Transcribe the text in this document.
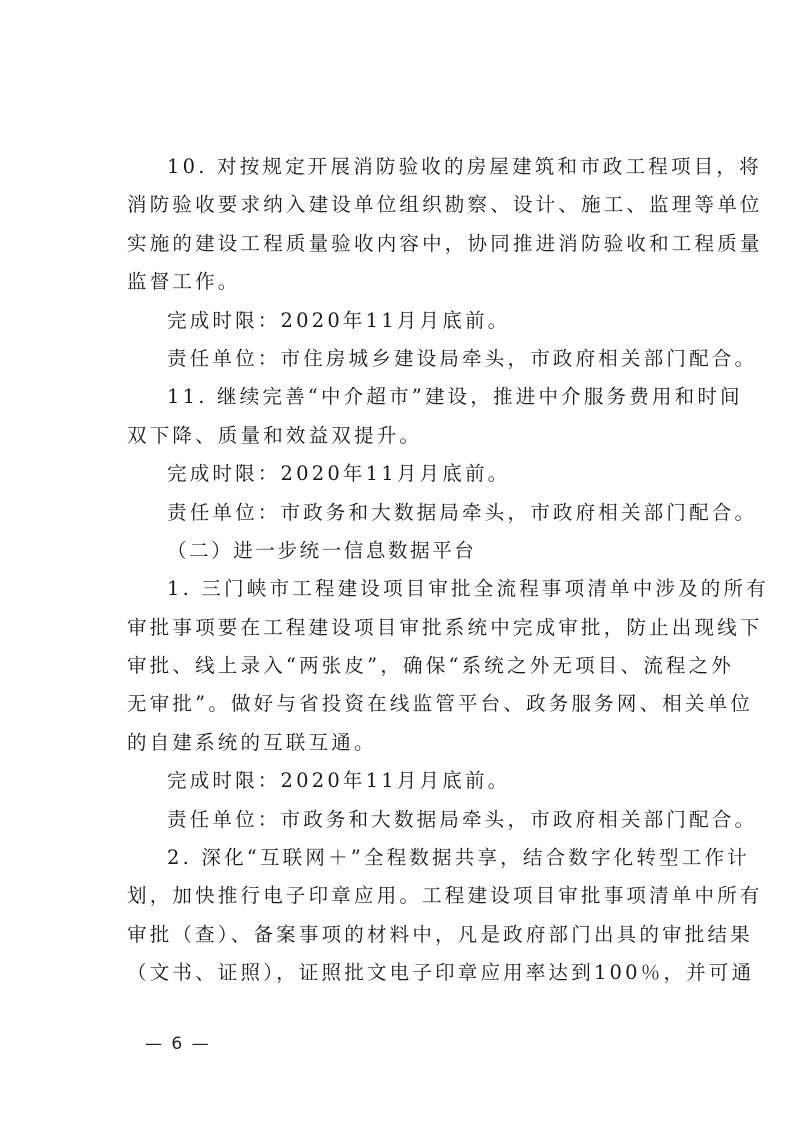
10. 对按规定开展消防验收的房屋建筑和市政工程项目，将
消防验收要求纳入建设单位组织勘察、设计、施工、监理等单位
实施的建设工程质量验收内容中，协同推进消防验收和工程质量
监督工作。
完成时限：2020年11月月底前。
责任单位：市住房城乡建设局牵头，市政府相关部门配合。
11. 继续完善“中介超市”建设，推进中介服务费用和时间
双下降、质量和效益双提升。
完成时限：2020年11月月底前。
责任单位：市政务和大数据局牵头，市政府相关部门配合。
（二）进一步统一信息数据平台
1. 三门峡市工程建设项目审批全流程事项清单中涉及的所有
审批事项要在工程建设项目审批系统中完成审批，防止出现线下
审批、线上录入“两张皮”，确保“系统之外无项目、流程之外
无审批”。做好与省投资在线监管平台、政务服务网、相关单位
的自建系统的互联互通。
完成时限：2020年11月月底前。
责任单位：市政务和大数据局牵头，市政府相关部门配合。
2. 深化“互联网＋”全程数据共享，结合数字化转型工作计
划，加快推行电子印章应用。工程建设项目审批事项清单中所有
审批（查）、备案事项的材料中，凡是政府部门出具的审批结果
（文书、证照），证照批文电子印章应用率达到100％，并可通
— 6 —
